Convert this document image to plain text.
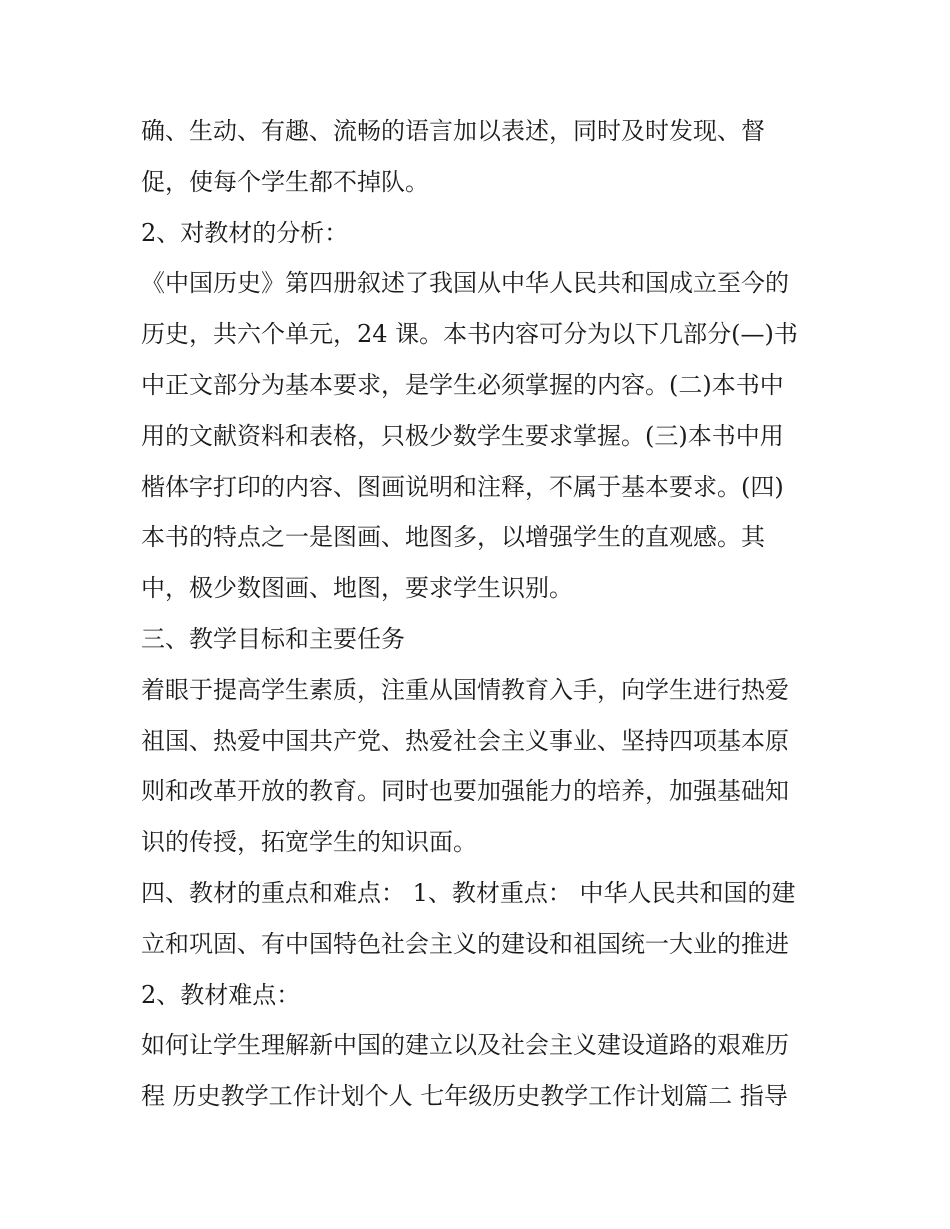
确、生动、有趣、流畅的语言加以表述，同时及时发现、督
促，使每个学生都不掉队。
2、对教材的分析：
《中国历史》第四册叙述了我国从中华人民共和国成立至今的
历史，共六个单元，24 课。本书内容可分为以下几部分(—)书
中正文部分为基本要求，是学生必须掌握的内容。(二)本书中
用的文献资料和表格，只极少数学生要求掌握。(三)本书中用
楷体字打印的内容、图画说明和注释，不属于基本要求。(四)
本书的特点之一是图画、地图多，以增强学生的直观感。其
中，极少数图画、地图，要求学生识别。
三、教学目标和主要任务
着眼于提高学生素质，注重从国情教育入手，向学生进行热爱
祖国、热爱中国共产党、热爱社会主义事业、坚持四项基本原
则和改革开放的教育。同时也要加强能力的培养，加强基础知
识的传授，拓宽学生的知识面。
四、教材的重点和难点： 1、教材重点： 中华人民共和国的建
立和巩固、有中国特色社会主义的建设和祖国统一大业的推进
2、教材难点：
如何让学生理解新中国的建立以及社会主义建设道路的艰难历
程 历史教学工作计划个人 七年级历史教学工作计划篇二 指导
